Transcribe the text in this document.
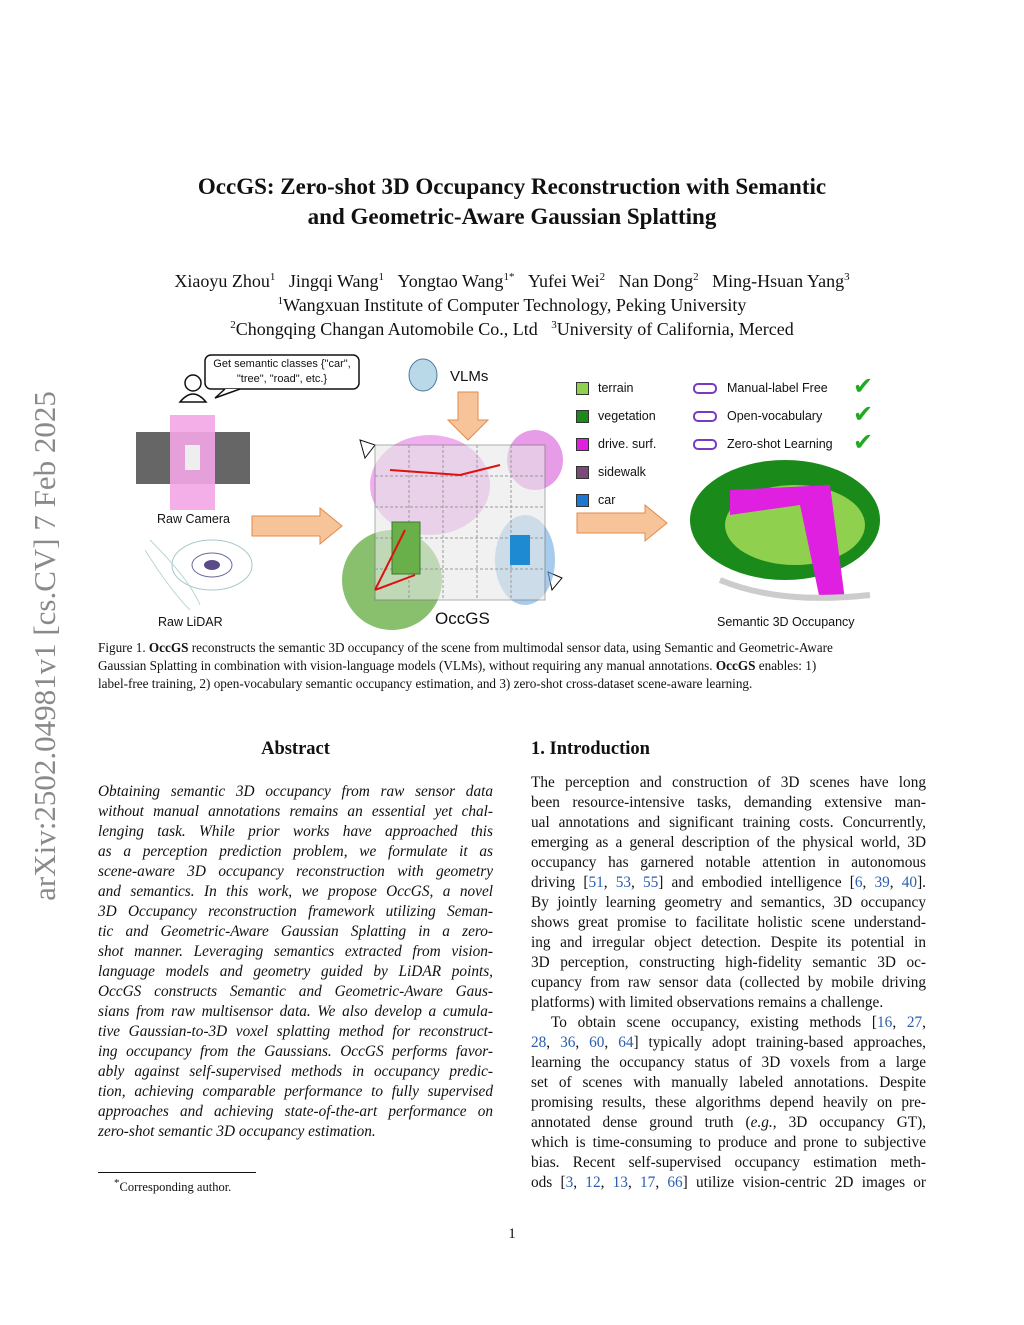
arXiv:2502.04981v1 [cs.CV] 7 Feb 2025
OccGS: Zero-shot 3D Occupancy Reconstruction with Semantic
and Geometric-Aware Gaussian Splatting
Xiaoyu Zhou$^1$ Jingqi Wang$^1$ Yongtao Wang$^{1*}$ Yufei Wei$^2$ Nan Dong$^2$ Ming-Hsuan Yang$^3$
$^1$Wangxuan Institute of Computer Technology, Peking University
$^2$Chongqing Changan Automobile Co., Ltd $^3$University of California, Merced
Get semantic classes {"car",
"tree", "road", etc.}	VLMs
Raw Camera
Raw LiDAR	OccGS	Semantic 3D Occupancy
terrain
vegetation
drive. surf.
sidewalk
car
Manual-label Free ✔
Open-vocabulary ✔
Zero-shot Learning ✔
Figure 1. OccGS reconstructs the semantic 3D occupancy of the scene from multimodal sensor data, using Semantic and Geometric-Aware
Gaussian Splatting in combination with vision-language models (VLMs), without requiring any manual annotations. OccGS enables: 1)
label-free training, 2) open-vocabulary semantic occupancy estimation, and 3) zero-shot cross-dataset scene-aware learning.
Abstract
Obtaining semantic 3D occupancy from raw sensor data
without manual annotations remains an essential yet chal-
lenging task. While prior works have approached this
as a perception prediction problem, we formulate it as
scene-aware 3D occupancy reconstruction with geometry
and semantics. In this work, we propose OccGS, a novel
3D Occupancy reconstruction framework utilizing Seman-
tic and Geometric-Aware Gaussian Splatting in a zero-
shot manner. Leveraging semantics extracted from vision-
language models and geometry guided by LiDAR points,
OccGS constructs Semantic and Geometric-Aware Gaus-
sians from raw multisensor data. We also develop a cumula-
tive Gaussian-to-3D voxel splatting method for reconstruct-
ing occupancy from the Gaussians. OccGS performs favor-
ably against self-supervised methods in occupancy predic-
tion, achieving comparable performance to fully supervised
approaches and achieving state-of-the-art performance on
zero-shot semantic 3D occupancy estimation.
1. Introduction
The perception and construction of 3D scenes have long
been resource-intensive tasks, demanding extensive man-
ual annotations and significant training costs. Concurrently,
emerging as a general description of the physical world, 3D
occupancy has garnered notable attention in autonomous
driving [51, 53, 55] and embodied intelligence [6, 39, 40].
By jointly learning geometry and semantics, 3D occupancy
shows great promise to facilitate holistic scene understand-
ing and irregular object detection. Despite its potential in
3D perception, constructing high-fidelity semantic 3D oc-
cupancy from raw sensor data (collected by mobile driving
platforms) with limited observations remains a challenge.
To obtain scene occupancy, existing methods [16, 27,
28, 36, 60, 64] typically adopt training-based approaches,
learning the occupancy status of 3D voxels from a large
set of scenes with manually labeled annotations. Despite
promising results, these algorithms depend heavily on pre-
annotated dense ground truth (e.g., 3D occupancy GT),
which is time-consuming to produce and prone to subjective
bias. Recent self-supervised occupancy estimation meth-
ods [3, 12, 13, 17, 66] utilize vision-centric 2D images or
*Corresponding author.
1
